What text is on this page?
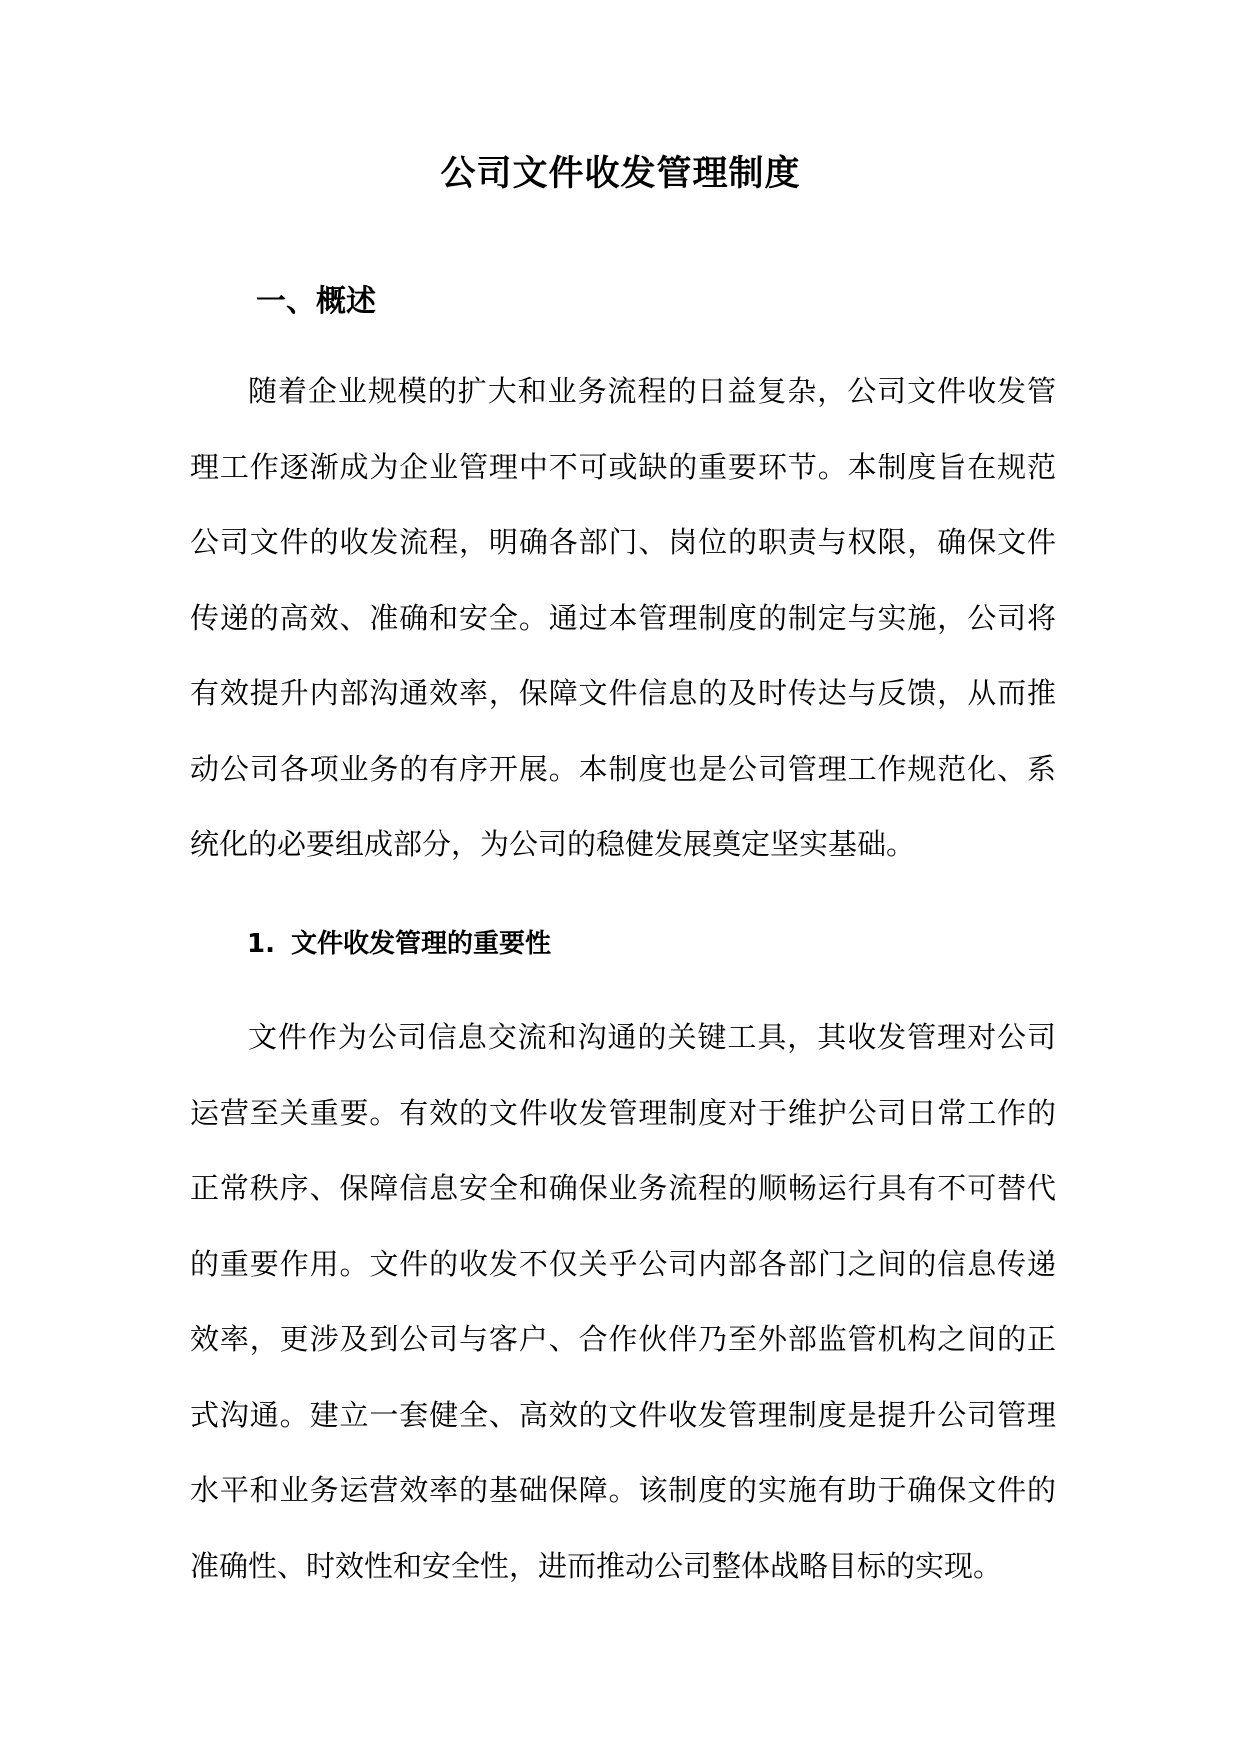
公司文件收发管理制度
一、概述

随着企业规模的扩大和业务流程的日益复杂，公司文件收发管理工作逐渐成为企业管理中不可或缺的重要环节。本制度旨在规范公司文件的收发流程，明确各部门、岗位的职责与权限，确保文件传递的高效、准确和安全。通过本管理制度的制定与实施，公司将有效提升内部沟通效率，保障文件信息的及时传达与反馈，从而推动公司各项业务的有序开展。本制度也是公司管理工作规范化、系统化的必要组成部分，为公司的稳健发展奠定坚实基础。

1. 文件收发管理的重要性

文件作为公司信息交流和沟通的关键工具，其收发管理对公司运营至关重要。有效的文件收发管理制度对于维护公司日常工作的正常秩序、保障信息安全和确保业务流程的顺畅运行具有不可替代的重要作用。文件的收发不仅关乎公司内部各部门之间的信息传递效率，更涉及到公司与客户、合作伙伴乃至外部监管机构之间的正式沟通。建立一套健全、高效的文件收发管理制度是提升公司管理水平和业务运营效率的基础保障。该制度的实施有助于确保文件的准确性、时效性和安全性，进而推动公司整体战略目标的实现。
